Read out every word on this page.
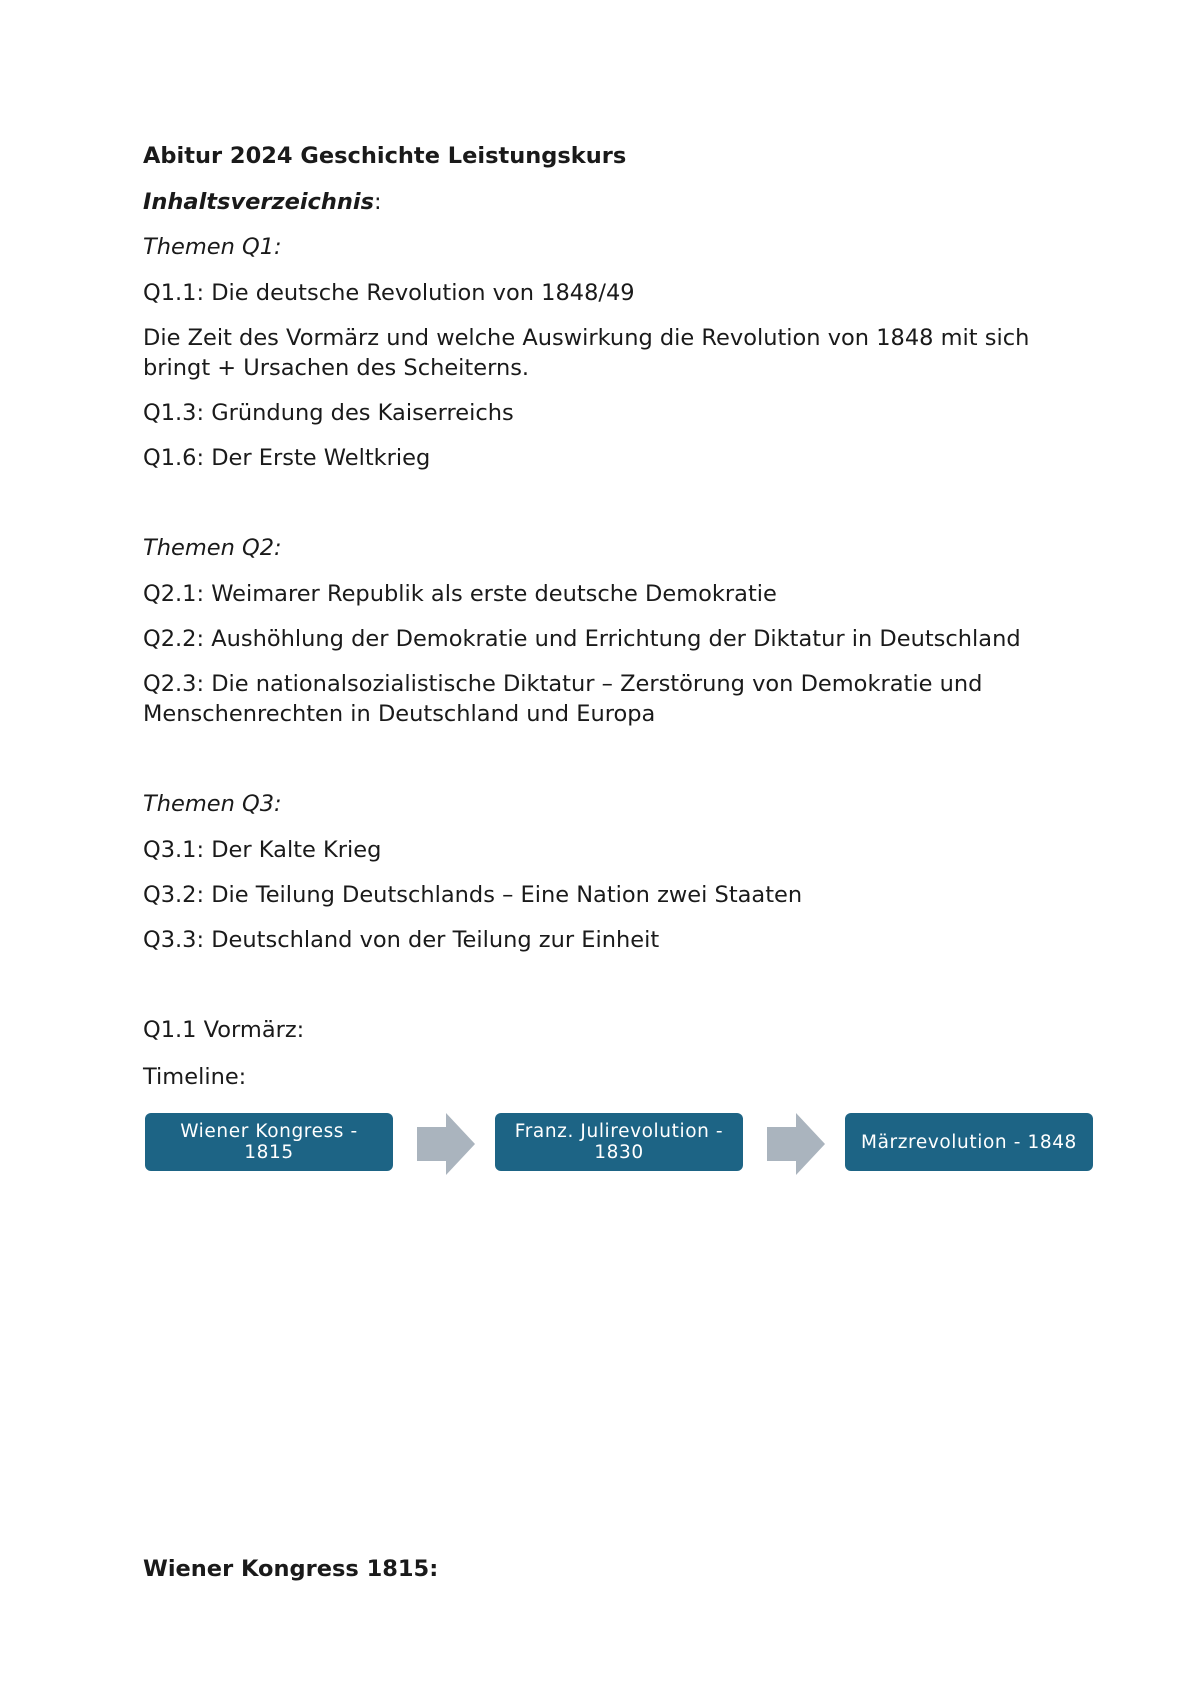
Abitur 2024 Geschichte Leistungskurs
Inhaltsverzeichnis:
Themen Q1:
Q1.1: Die deutsche Revolution von 1848/49
Die Zeit des Vormärz und welche Auswirkung die Revolution von 1848 mit sich bringt + Ursachen des Scheiterns.
Q1.3: Gründung des Kaiserreichs
Q1.6: Der Erste Weltkrieg
Themen Q2:
Q2.1: Weimarer Republik als erste deutsche Demokratie
Q2.2: Aushöhlung der Demokratie und Errichtung der Diktatur in Deutschland
Q2.3: Die nationalsozialistische Diktatur – Zerstörung von Demokratie und Menschenrechten in Deutschland und Europa
Themen Q3:
Q3.1: Der Kalte Krieg
Q3.2: Die Teilung Deutschlands – Eine Nation zwei Staaten
Q3.3: Deutschland von der Teilung zur Einheit
Q1.1 Vormärz:
Timeline:
Wiener Kongress - 1815
Franz. Julirevolution - 1830	Märzrevolution - 1848
Wiener Kongress 1815:
